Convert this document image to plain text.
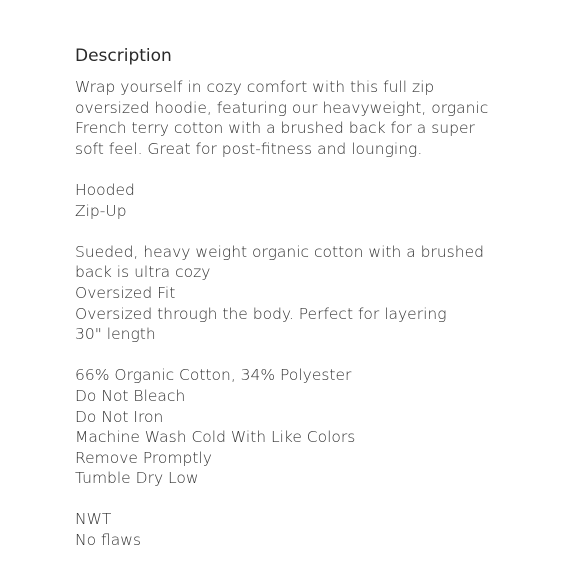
Description
Wrap yourself in cozy comfort with this full zip
oversized hoodie, featuring our heavyweight, organic
French terry cotton with a brushed back for a super
soft feel. Great for post-fitness and lounging.
Hooded
Zip-Up
Sueded, heavy weight organic cotton with a brushed
back is ultra cozy
Oversized Fit
Oversized through the body. Perfect for layering
30" length
66% Organic Cotton, 34% Polyester
Do Not Bleach
Do Not Iron
Machine Wash Cold With Like Colors
Remove Promptly
Tumble Dry Low
NWT
No flaws
